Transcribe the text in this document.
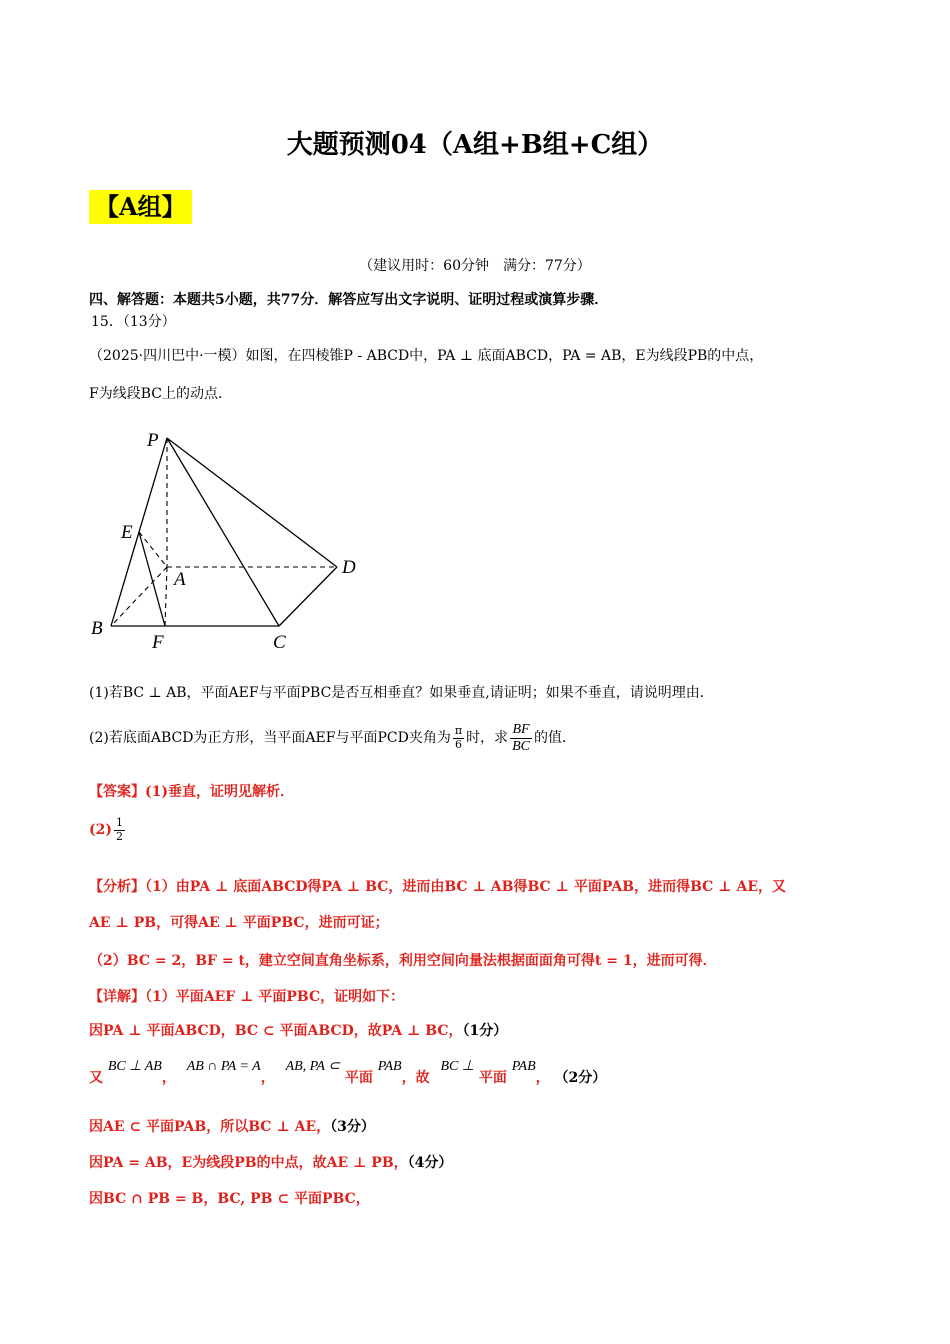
大题预测04（A组+B组+C组）
【A组】
（建议用时：60分钟　满分：77分）
四、解答题：本题共5小题，共77分．解答应写出文字说明、证明过程或演算步骤．
15．（13分）
（2025·四川巴中·一模）如图，在四棱锥P - ABCD中，PA ⊥ 底面ABCD，PA = AB，E为线段PB的中点，
F为线段BC上的动点．
P
E
A
D
B
F	C
(1)若BC ⊥ AB，平面AEF与平面PBC是否互相垂直？如果垂直,请证明；如果不垂直，请说明理由．
(2)若底面ABCD为正方形，当平面AEF与平面PCD夹角为 $\frac{\pi}{6}$ 时，求 $\frac{BF}{BC}$ 的值．
【答案】(1)垂直，证明见解析．
$(2) \frac{1}{2}$
【分析】（1）由PA ⊥ 底面ABCD得PA ⊥ BC，进而由BC ⊥ AB得BC ⊥ 平面PAB，进而得BC ⊥ AE，又
AE ⊥ PB，可得AE ⊥ 平面PBC，进而可证；
（2）BC = 2，BF = t，建立空间直角坐标系，利用空间向量法根据面面角可得t = 1，进而可得．
【详解】（1）平面AEF ⊥ 平面PBC，证明如下：
因PA ⊥ 平面ABCD，BC ⊂ 平面ABCD，故PA ⊥ BC，（1分）
又 BC ⊥ AB， AB ∩ PA = A， AB, PA ⊂ 平面 PAB，故 BC ⊥ 平面 PAB， （2分）
因AE ⊂ 平面PAB，所以BC ⊥ AE，（3分）
因PA = AB，E为线段PB的中点，故AE ⊥ PB，（4分）
因BC ∩ PB = B，BC, PB ⊂ 平面PBC，
